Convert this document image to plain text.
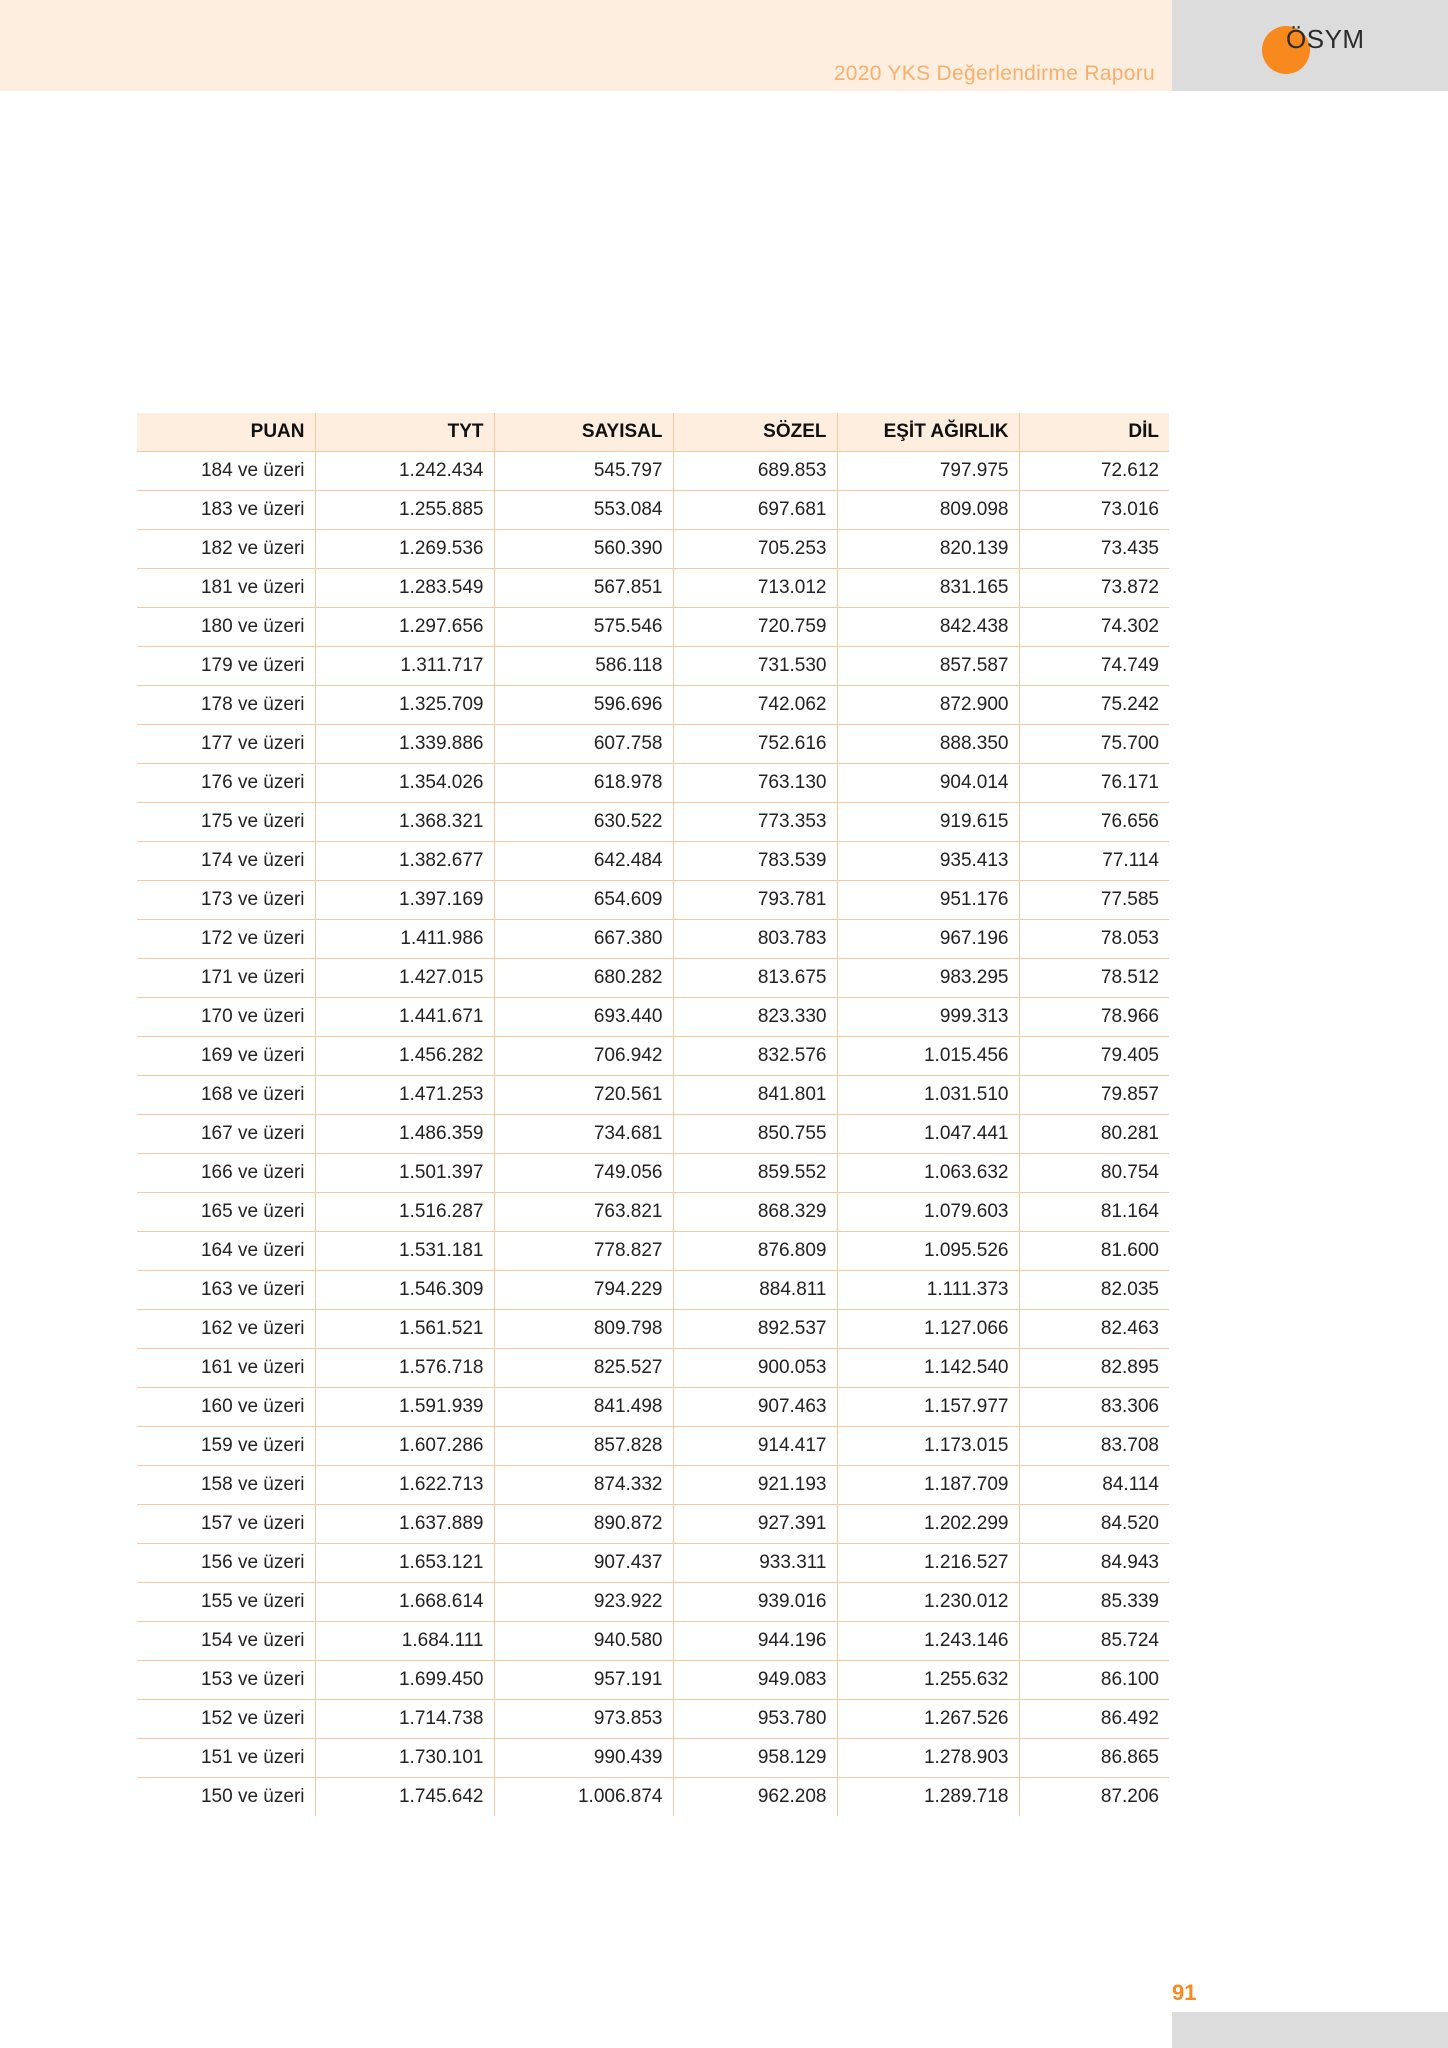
2020 YKS Değerlendirme Raporu
ÖSYM
PUAN	TYT	SAYISAL	SÖZEL	EŞİT AĞIRLIK	DİL
184 ve üzeri	1.242.434	545.797	689.853	797.975	72.612
183 ve üzeri	1.255.885	553.084	697.681	809.098	73.016
182 ve üzeri	1.269.536	560.390	705.253	820.139	73.435
181 ve üzeri	1.283.549	567.851	713.012	831.165	73.872
180 ve üzeri	1.297.656	575.546	720.759	842.438	74.302
179 ve üzeri	1.311.717	586.118	731.530	857.587	74.749
178 ve üzeri	1.325.709	596.696	742.062	872.900	75.242
177 ve üzeri	1.339.886	607.758	752.616	888.350	75.700
176 ve üzeri	1.354.026	618.978	763.130	904.014	76.171
175 ve üzeri	1.368.321	630.522	773.353	919.615	76.656
174 ve üzeri	1.382.677	642.484	783.539	935.413	77.114
173 ve üzeri	1.397.169	654.609	793.781	951.176	77.585
172 ve üzeri	1.411.986	667.380	803.783	967.196	78.053
171 ve üzeri	1.427.015	680.282	813.675	983.295	78.512
170 ve üzeri	1.441.671	693.440	823.330	999.313	78.966
169 ve üzeri	1.456.282	706.942	832.576	1.015.456	79.405
168 ve üzeri	1.471.253	720.561	841.801	1.031.510	79.857
167 ve üzeri	1.486.359	734.681	850.755	1.047.441	80.281
166 ve üzeri	1.501.397	749.056	859.552	1.063.632	80.754
165 ve üzeri	1.516.287	763.821	868.329	1.079.603	81.164
164 ve üzeri	1.531.181	778.827	876.809	1.095.526	81.600
163 ve üzeri	1.546.309	794.229	884.811	1.111.373	82.035
162 ve üzeri	1.561.521	809.798	892.537	1.127.066	82.463
161 ve üzeri	1.576.718	825.527	900.053	1.142.540	82.895
160 ve üzeri	1.591.939	841.498	907.463	1.157.977	83.306
159 ve üzeri	1.607.286	857.828	914.417	1.173.015	83.708
158 ve üzeri	1.622.713	874.332	921.193	1.187.709	84.114
157 ve üzeri	1.637.889	890.872	927.391	1.202.299	84.520
156 ve üzeri	1.653.121	907.437	933.311	1.216.527	84.943
155 ve üzeri	1.668.614	923.922	939.016	1.230.012	85.339
154 ve üzeri	1.684.111	940.580	944.196	1.243.146	85.724
153 ve üzeri	1.699.450	957.191	949.083	1.255.632	86.100
152 ve üzeri	1.714.738	973.853	953.780	1.267.526	86.492
151 ve üzeri	1.730.101	990.439	958.129	1.278.903	86.865
150 ve üzeri	1.745.642	1.006.874	962.208	1.289.718	87.206
91
